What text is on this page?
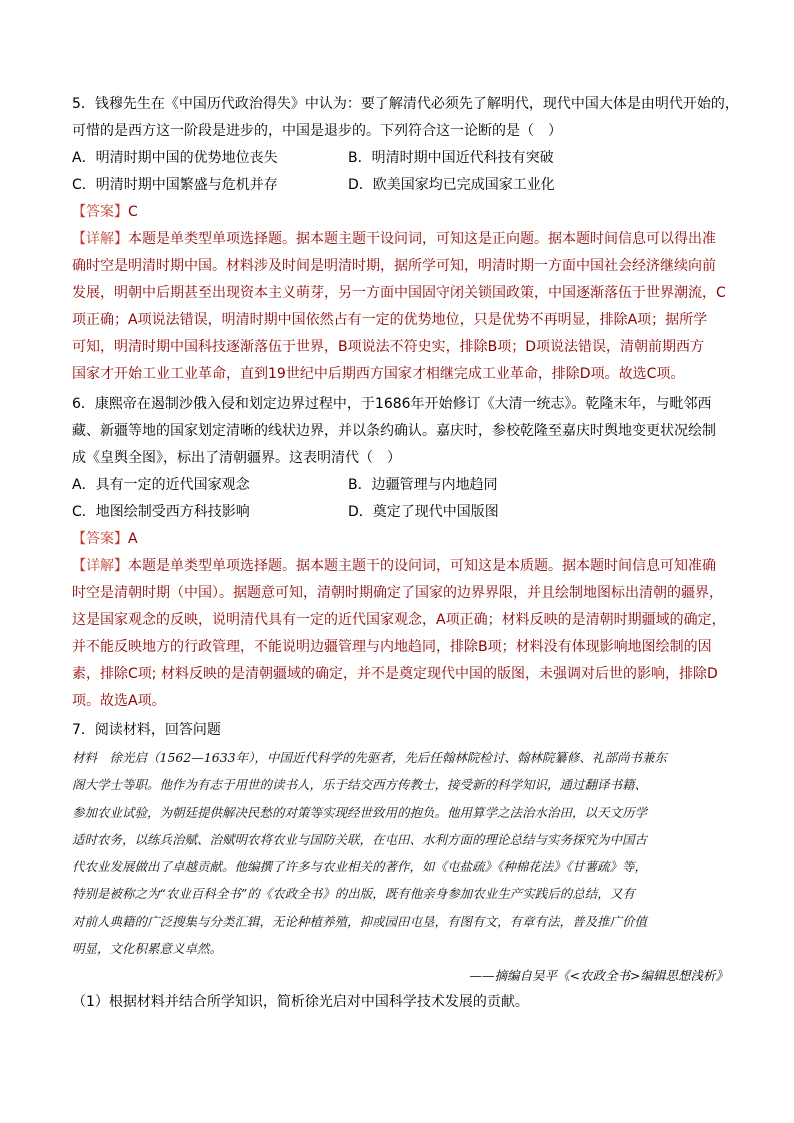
5．钱穆先生在《中国历代政治得失》中认为：要了解清代必须先了解明代，现代中国大体是由明代开始的，
可惜的是西方这一阶段是进步的，中国是退步的。下列符合这一论断的是（　）
A．明清时期中国的优势地位丧失	B．明清时期中国近代科技有突破
C．明清时期中国繁盛与危机并存	D．欧美国家均已完成国家工业化
【答案】C
【详解】本题是单类型单项选择题。据本题主题干设问词，可知这是正向题。据本题时间信息可以得出准
确时空是明清时期中国。材料涉及时间是明清时期，据所学可知，明清时期一方面中国社会经济继续向前
发展，明朝中后期甚至出现资本主义萌芽，另一方面中国固守闭关锁国政策，中国逐渐落伍于世界潮流，C
项正确；A项说法错误，明清时期中国依然占有一定的优势地位，只是优势不再明显，排除A项；据所学
可知，明清时期中国科技逐渐落伍于世界，B项说法不符史实，排除B项；D项说法错误，清朝前期西方
国家才开始工业工业革命，直到19世纪中后期西方国家才相继完成工业革命，排除D项。故选C项。
6．康熙帝在遏制沙俄入侵和划定边界过程中，于1686年开始修订《大清一统志》。乾隆末年，与毗邻西
藏、新疆等地的国家划定清晰的线状边界，并以条约确认。嘉庆时，参校乾隆至嘉庆时舆地变更状况绘制
成《皇舆全图》，标出了清朝疆界。这表明清代（　）
A．具有一定的近代国家观念	B．边疆管理与内地趋同
C．地图绘制受西方科技影响	D．奠定了现代中国版图
【答案】A
【详解】本题是单类型单项选择题。据本题主题干的设问词，可知这是本质题。据本题时间信息可知准确
时空是清朝时期（中国）。据题意可知，清朝时期确定了国家的边界界限，并且绘制地图标出清朝的疆界，
这是国家观念的反映，说明清代具有一定的近代国家观念，A项正确；材料反映的是清朝时期疆域的确定，
并不能反映地方的行政管理，不能说明边疆管理与内地趋同，排除B项；材料没有体现影响地图绘制的因
素，排除C项; 材料反映的是清朝疆域的确定，并不是奠定现代中国的版图，未强调对后世的影响，排除D
项。故选A项。
7．阅读材料，回答问题
材料　徐光启（1562—1633年），中国近代科学的先驱者，先后任翰林院检讨、翰林院纂修、礼部尚书兼东
阁大学士等职。他作为有志于用世的读书人，乐于结交西方传教士，接受新的科学知识，通过翻译书籍、
参加农业试验，为朝廷提供解决民愁的对策等实现经世致用的抱负。他用算学之法治水治田，以天文历学
适时农务，以练兵治赋、治赋明农将农业与国防关联，在屯田、水利方面的理论总结与实务探究为中国古
代农业发展做出了卓越贡献。他编撰了许多与农业相关的著作，如《屯盐疏》《种棉花法》《甘薯疏》等，
特别是被称之为“农业百科全书”的《农政全书》的出版，既有他亲身参加农业生产实践后的总结，又有
对前人典籍的广泛搜集与分类汇辑，无论种植养殖，抑或园田屯垦，有图有文，有章有法，普及推广价值
明显，文化积累意义卓然。
——摘编自吴平《<农政全书>编辑思想浅析》
（1）根据材料并结合所学知识，简析徐光启对中国科学技术发展的贡献。
